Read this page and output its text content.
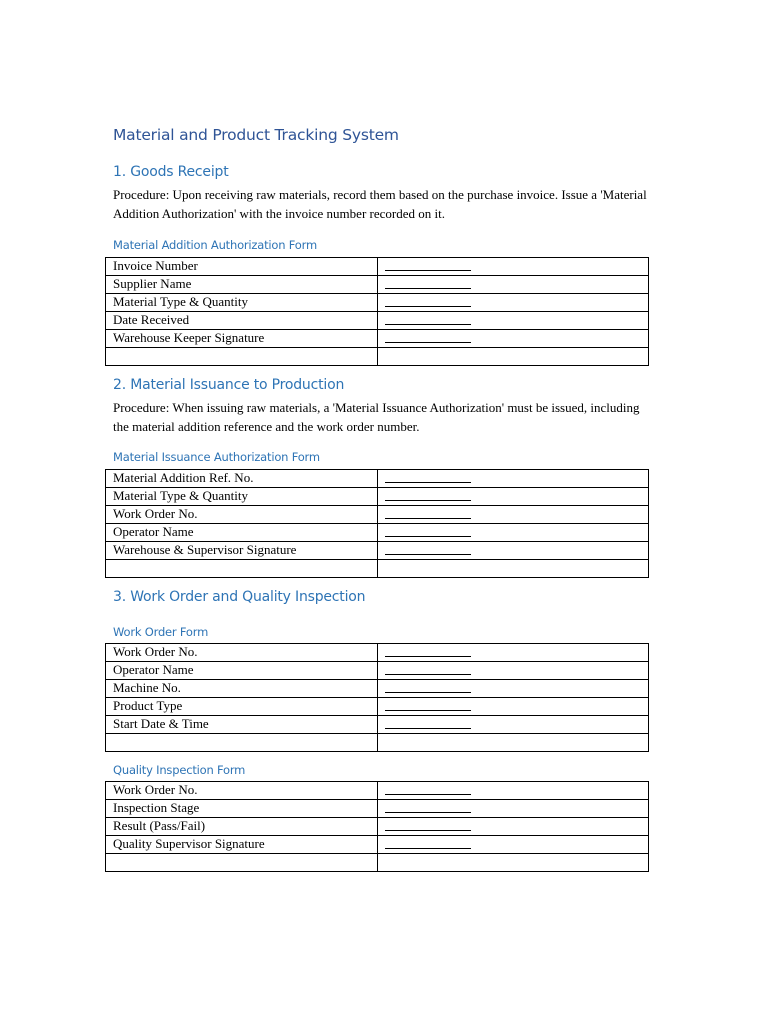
Material and Product Tracking System
1. Goods Receipt

Procedure: Upon receiving raw materials, record them based on the purchase invoice. Issue a 'Material Addition Authorization' with the invoice number recorded on it.

Material Addition Authorization Form
Invoice Number	
Supplier Name	
Material Type & Quantity	
Date Received	
Warehouse Keeper Signature	

2. Material Issuance to Production

Procedure: When issuing raw materials, a 'Material Issuance Authorization' must be issued, including the material addition reference and the work order number.

Material Issuance Authorization Form
Material Addition Ref. No.	
Material Type & Quantity	
Work Order No.	
Operator Name	
Warehouse & Supervisor Signature	

3. Work Order and Quality Inspection
Work Order Form
Work Order No.	
Operator Name	
Machine No.	
Product Type	
Start Date & Time	

Quality Inspection Form
Work Order No.	
Inspection Stage	
Result (Pass/Fail)	
Quality Supervisor Signature	
